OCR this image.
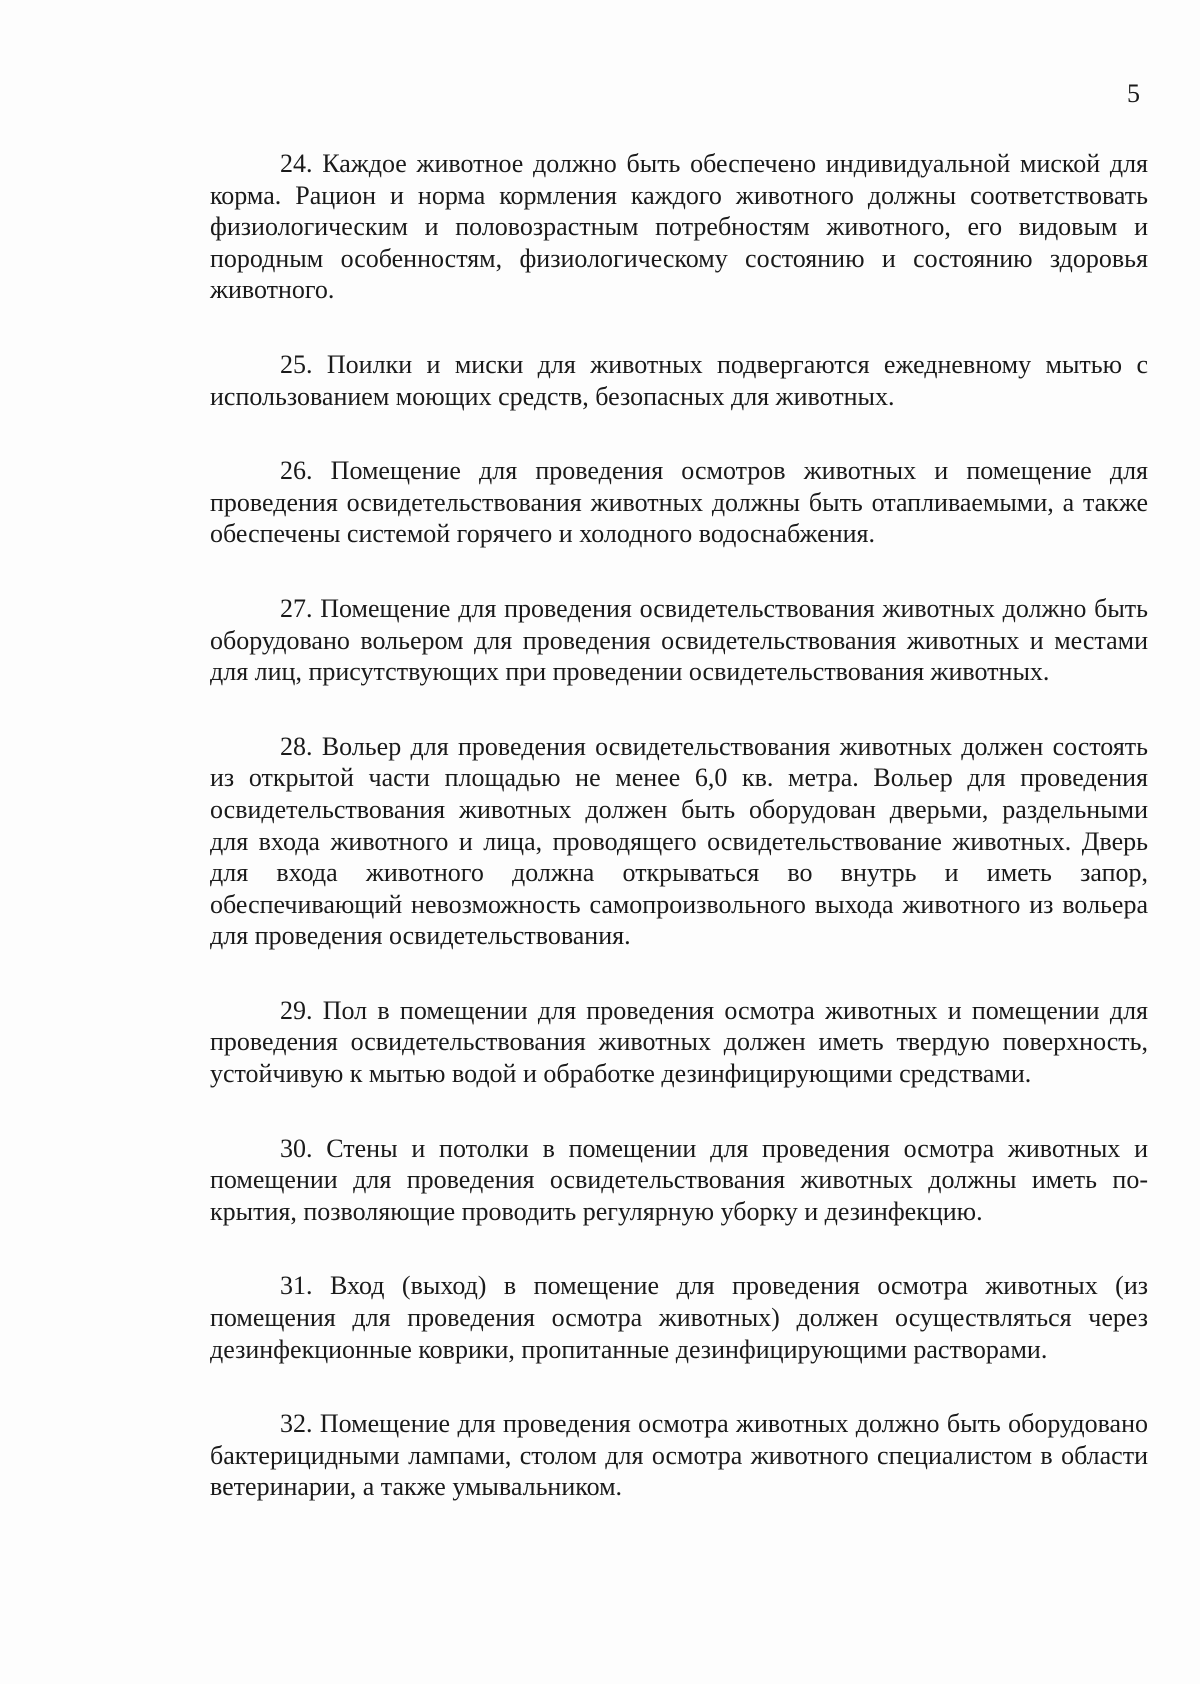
5

24. Каждое животное должно быть обеспечено индивидуальной миской для корма. Рацион и норма кормления каждого животного должны соответствовать физиологическим и половозрастным потребностям животного, его видовым и породным особенностям, физиологическому состоянию и состоянию здоровья животного.

25. Поилки и миски для животных подвергаются ежедневному мытью с использованием моющих средств, безопасных для животных.

26. Помещение для проведения осмотров животных и помещение для проведения освидетельствования животных должны быть отапливаемыми, а также обеспечены системой горячего и холодного водоснабжения.

27. Помещение для проведения освидетельствования животных должно быть оборудовано вольером для проведения освидетельствования животных и местами для лиц, присутствующих при проведении освидетельствования животных.

28. Вольер для проведения освидетельствования животных должен состоять из открытой части площадью не менее 6,0 кв. метра. Вольер для проведения освидетельствования животных должен быть оборудован дверьми, раздельными для входа животного и лица, проводящего освидетельствование животных. Дверь для входа животного должна открываться во внутрь и иметь запор, обеспечивающий невозможность самопроизвольного выхода животного из вольера для проведения освидетельствования.

29. Пол в помещении для проведения осмотра животных и помещении для проведения освидетельствования животных должен иметь твердую поверхность, устойчивую к мытью водой и обработке дезинфицирующими средствами.

30. Стены и потолки в помещении для проведения осмотра животных и помещении для проведения освидетельствования животных должны иметь покрытия, позволяющие проводить регулярную уборку и дезинфекцию.

31. Вход (выход) в помещение для проведения осмотра животных (из помещения для проведения осмотра животных) должен осуществляться через дезинфекционные коврики, пропитанные дезинфицирующими растворами.

32. Помещение для проведения осмотра животных должно быть оборудовано бактерицидными лампами, столом для осмотра животного специалистом в области ветеринарии, а также умывальником.
